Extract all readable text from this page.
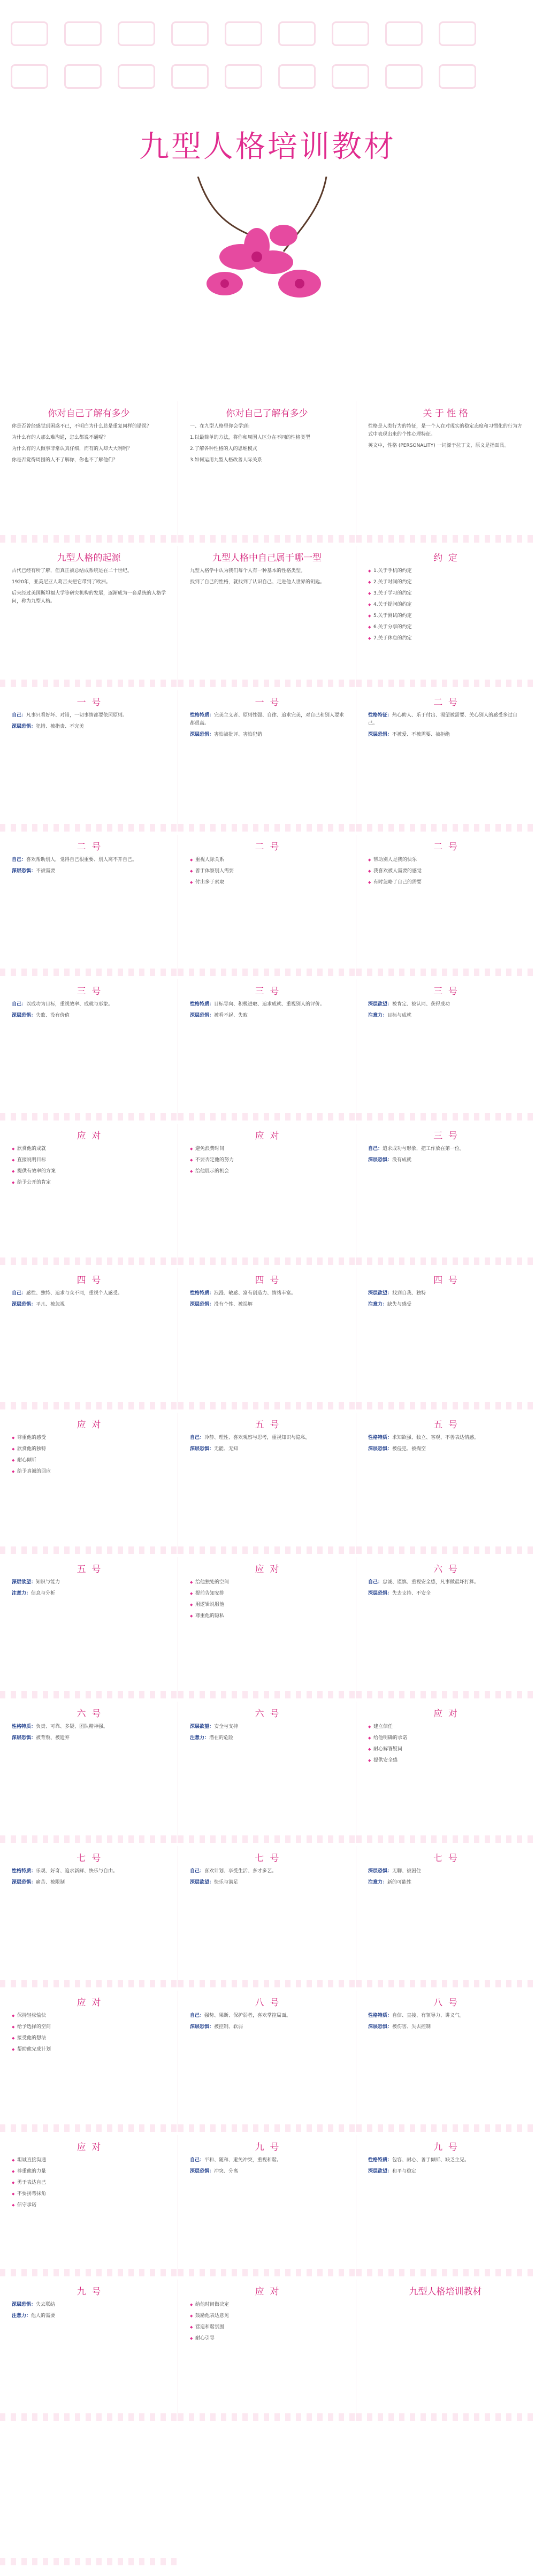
九型人格培训教材
你对自己了解有多少

你是否曾经感觉到困惑不已，不明白为什么总是重复同样的错误？

为什么有的人那么难沟通，怎么都说不通呢？

为什么有的人做事非常认真仔细，而有的人却大大咧咧？

你是否觉得周围的人不了解你，你也不了解他们？

你对自己了解有多少

一、在九型人格里你会学到：

1.以最简单的方法，将你和周围人区分在不同的性格类型

2.了解各种性格的人的思维模式

3.如何运用九型人格改善人际关系

关 于 性 格

性格是人类行为的特征，是一个人在对现实的稳定态度和习惯化的行为方式中表现出来的个性心理特征。

英文中，性格 (PERSONALITY) 一词源于拉丁文，原义是指面具。

九型人格的起源

古代已经有所了解，但真正被总结成系统是在二十世纪。

1920年，亚美尼亚人葛吉夫把它带到了欧洲。

后来经过美国斯坦福大学等研究机构的发展，逐渐成为一套系统的人格学问，称为九型人格。

九型人格中自己属于哪一型

九型人格学中认为我们每个人有一种基本的性格类型。

找到了自己的性格，就找到了认识自己、走进他人世界的钥匙。

约  定
◆ 1.关于手机的约定
◆ 2.关于时间的约定
◆ 3.关于学习的约定
◆ 4.关于提问的约定
◆ 5.关于测试的约定
◆ 6.关于分享的约定
◆ 7.关于休息的约定
一  号

自己：凡事只看好坏、对错，一切事情都要依照原则。

深层恐惧：犯错、被指责、不完美

一  号

性格特质：完美主义者、原则性强、自律、追求完美，对自己和别人要求都很高。

深层恐惧：害怕被批评、害怕犯错

二  号

性格特征：热心助人、乐于付出、渴望被需要、关心别人的感受多过自己。

深层恐惧：不被爱、不被需要、被拒绝

二  号

自己：喜欢帮助别人，觉得自己很重要、别人离不开自己。

深层恐惧：不被需要

二  号
◆ 重视人际关系
◆ 善于体察别人需要
◆ 付出多于索取
二  号
◆ 帮助别人是我的快乐
◆ 我喜欢被人需要的感觉
◆ 有时忽略了自己的需要
三  号

自己：以成功为目标，重视效率、成就与形象。

深层恐惧：失败、没有价值

三  号

性格特质：目标导向、积极进取、追求成就、重视别人的评价。

深层恐惧：被看不起、失败

三  号

深层欲望：被肯定、被认同、获得成功

注意力：目标与成就

应  对
◆ 欣赏他的成就
◆ 直接说明目标
◆ 提供有效率的方案
◆ 给予公开的肯定
应  对
◆ 避免浪费时间
◆ 不要否定他的努力
◆ 给他展示的机会
三  号

自己：追求成功与形象，把工作放在第一位。

深层恐惧：没有成就

四  号

自己：感性、独特、追求与众不同，重视个人感受。

深层恐惧：平凡、被忽视

四  号

性格特质：浪漫、敏感、富有创造力、情绪丰富。

深层恐惧：没有个性、被误解

四  号

深层欲望：找到自我、独特

注意力：缺失与感受

应  对
◆ 尊重他的感受
◆ 欣赏他的独特
◆ 耐心倾听
◆ 给予真诚的回应
五  号

自己：冷静、理性、喜欢观察与思考，重视知识与隐私。

深层恐惧：无能、无知

五  号

性格特质：求知欲强、独立、客观、不善表达情感。

深层恐惧：被侵犯、被掏空

五  号

深层欲望：知识与能力

注意力：信息与分析

应  对
◆ 给他独处的空间
◆ 提前告知安排
◆ 用逻辑说服他
◆ 尊重他的隐私
六  号

自己：忠诚、谨慎、重视安全感，凡事做最坏打算。

深层恐惧：失去支持、不安全

六  号

性格特质：负责、可靠、多疑、团队精神强。

深层恐惧：被背叛、被遗弃

六  号

深层欲望：安全与支持

注意力：潜在的危险

应  对
◆ 建立信任
◆ 给他明确的承诺
◆ 耐心解答疑问
◆ 提供安全感
七  号

性格特质：乐观、好奇、追求新鲜、快乐与自由。

深层恐惧：痛苦、被限制

七  号

自己：喜欢计划、享受生活、多才多艺。

深层欲望：快乐与满足

七  号

深层恐惧：无聊、被困住

注意力：新的可能性

应  对
◆ 保持轻松愉快
◆ 给予选择的空间
◆ 接受他的想法
◆ 帮助他完成计划
八  号

自己：强势、果断、保护弱者，喜欢掌控局面。

深层恐惧：被控制、软弱

八  号

性格特质：自信、直接、有领导力、讲义气。

深层恐惧：被伤害、失去控制

应  对
◆ 坦诚直接沟通
◆ 尊重他的力量
◆ 勇于表达自己
◆ 不要拐弯抹角
◆ 信守承诺
九  号

自己：平和、随和、避免冲突，重视和谐。

深层恐惧：冲突、分离

九  号

性格特质：包容、耐心、善于倾听、缺乏主见。

深层欲望：和平与稳定

九  号

深层恐惧：失去联结

注意力：他人的需要

应  对
◆ 给他时间做决定
◆ 鼓励他表达意见
◆ 营造和谐氛围
◆ 耐心引导
九型人格培训教材
